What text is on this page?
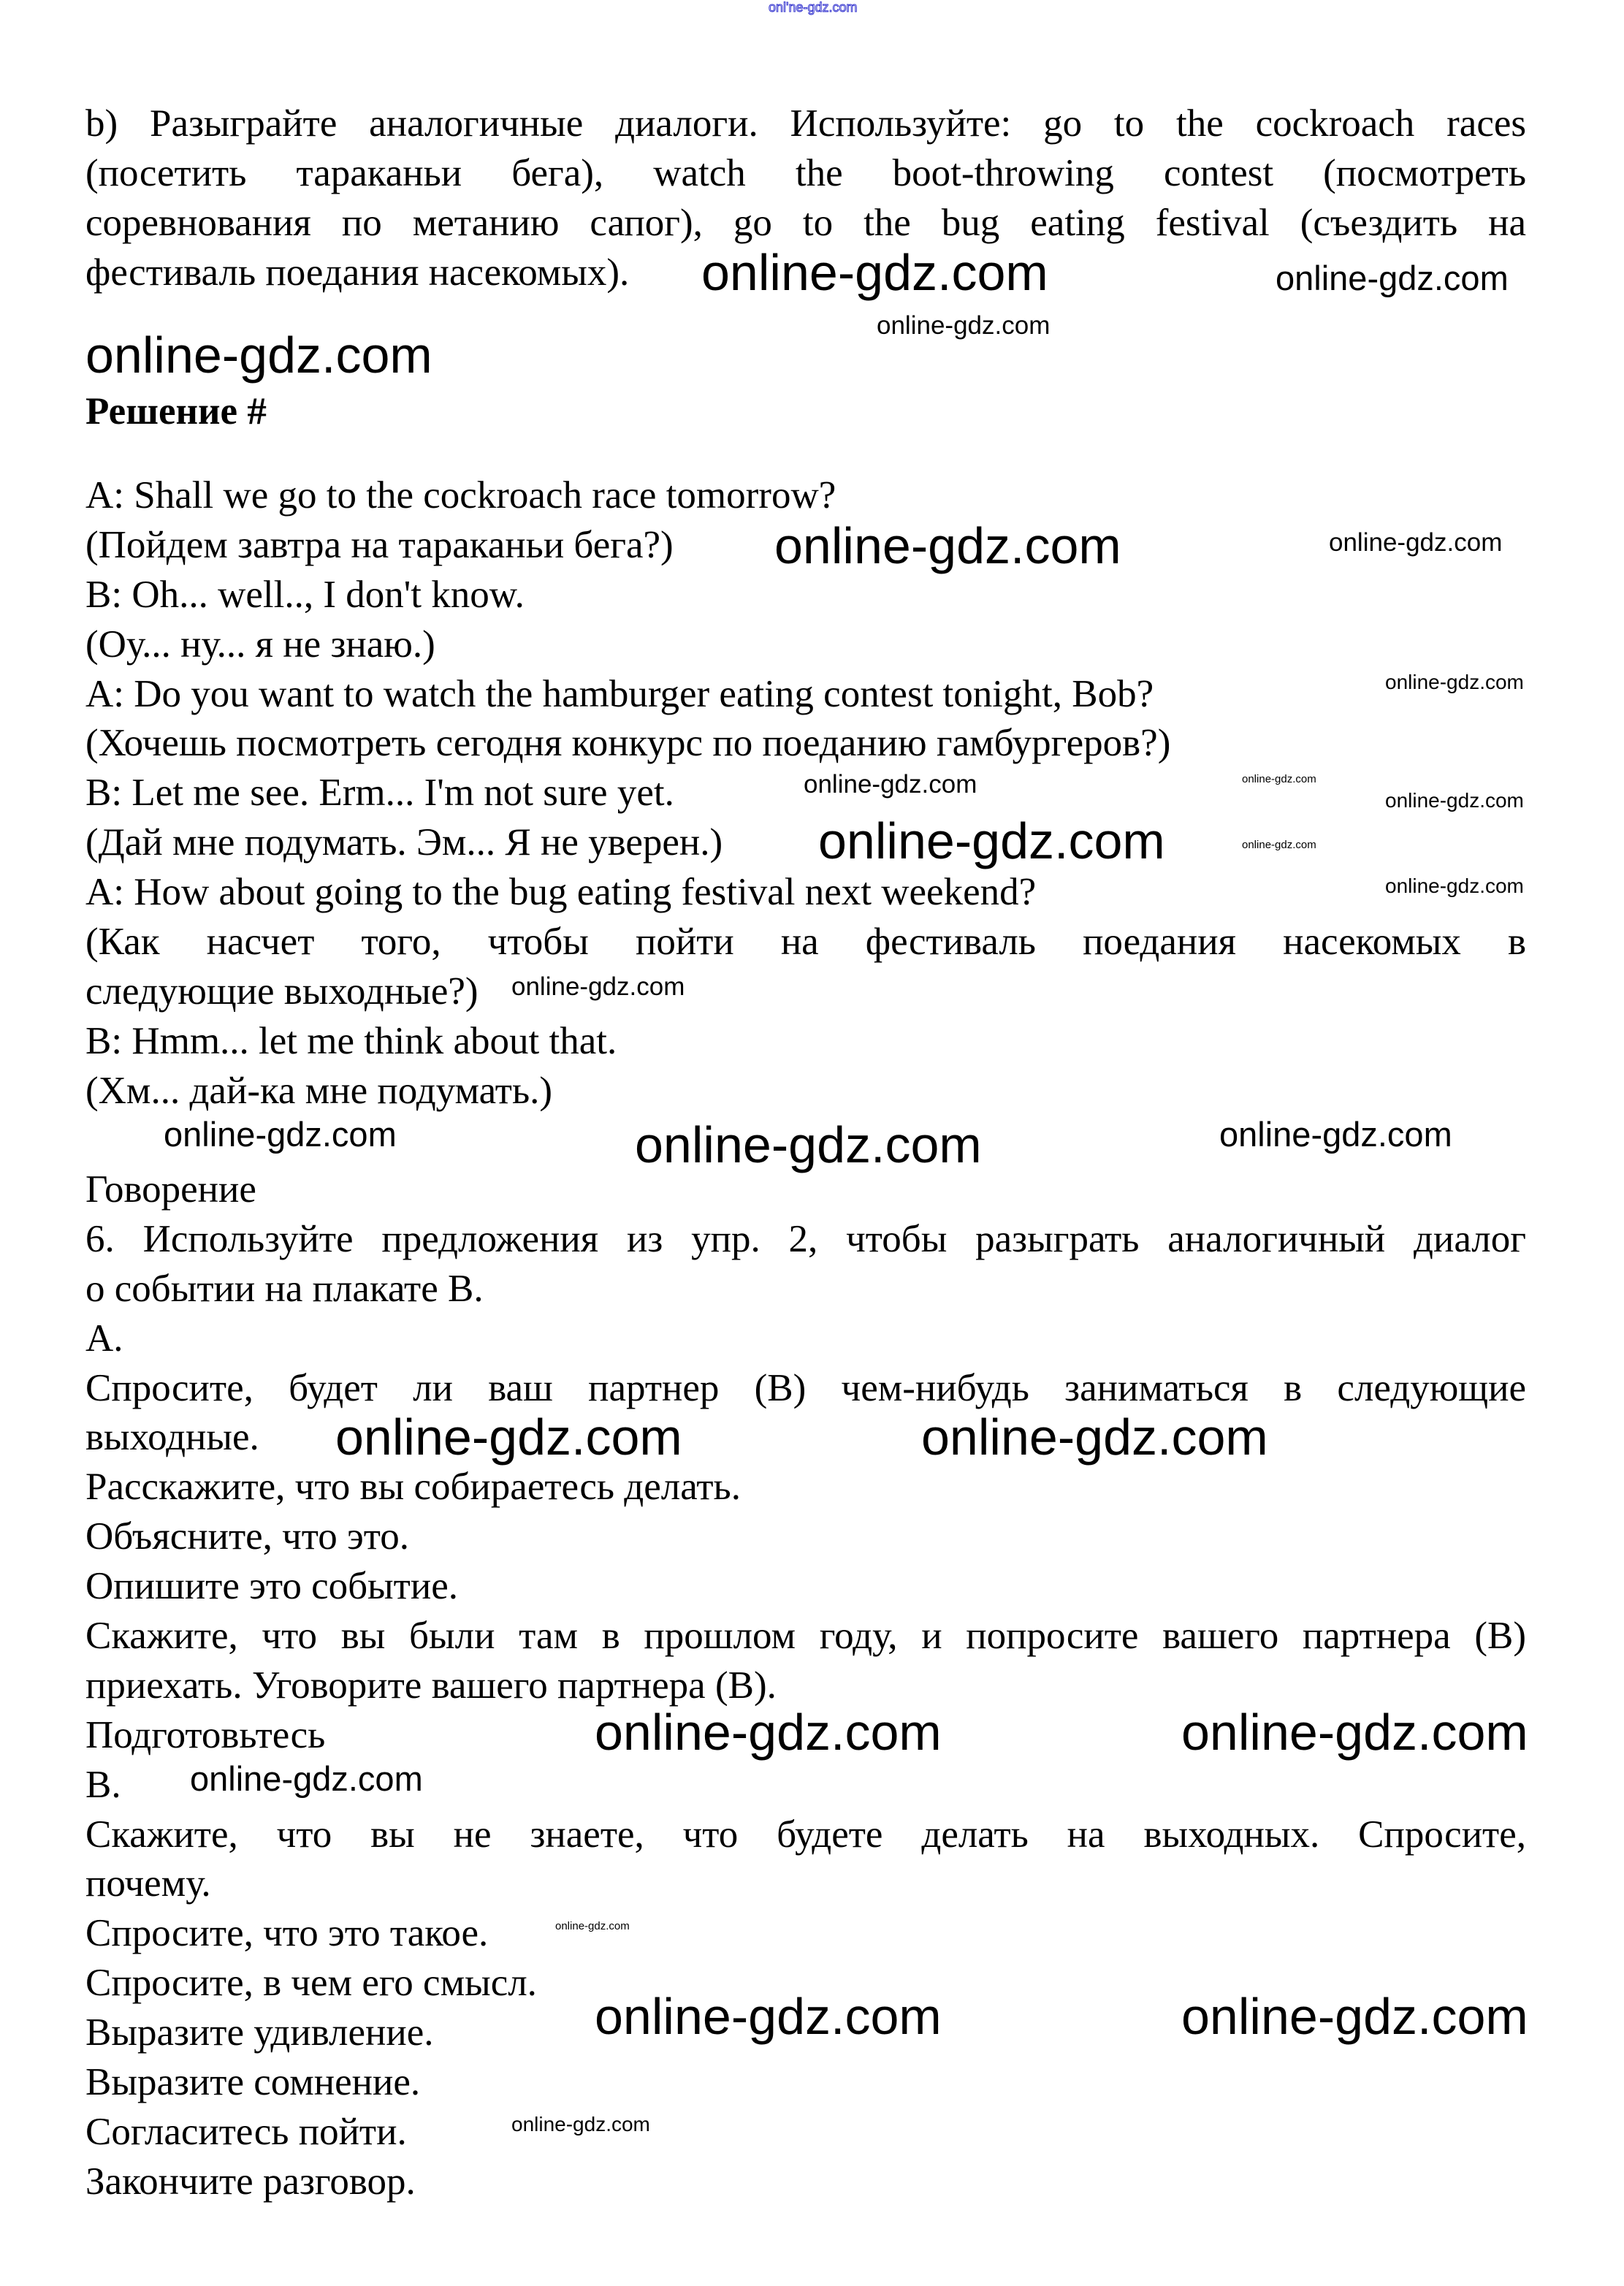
onl'ne-gdz.com
b) Разыграйте аналогичные диалоги. Используйте: go to the cockroach races
(посетить тараканьи бега), watch the boot-throwing contest (посмотреть
соревнования по метанию сапог), go to the bug eating festival (съездить на
фестиваль поедания насекомых).
Решение #
A: Shall we go to the cockroach race tomorrow?
(Пойдем завтра на тараканьи бега?)
B: Oh... well.., I don't know.
(Оу... ну... я не знаю.)
A: Do you want to watch the hamburger eating contest tonight, Bob?
(Хочешь посмотреть сегодня конкурс по поеданию гамбургеров?)
B: Let me see. Erm... I'm not sure yet.
(Дай мне подумать. Эм... Я не уверен.)
A: How about going to the bug eating festival next weekend?
(Как насчет того, чтобы пойти на фестиваль поедания насекомых в
следующие выходные?)
B: Hmm... let me think about that.
(Хм... дай-ка мне подумать.)
Говорение
6. Используйте предложения из упр. 2, чтобы разыграть аналогичный диалог
о событии на плакате B.
A.
Спросите, будет ли ваш партнер (B) чем-нибудь заниматься в следующие
выходные.
Расскажите, что вы собираетесь делать.
Объясните, что это.
Опишите это событие.
Скажите, что вы были там в прошлом году, и попросите вашего партнера (B)
приехать. Уговорите вашего партнера (B).
Подготовьтесь
B.
Скажите, что вы не знаете, что будете делать на выходных. Спросите,
почему.
Спросите, что это такое.
Спросите, в чем его смысл.
Выразите удивление.
Выразите сомнение.
Согласитесь пойти.
Закончите разговор.
online-gdz.com
online-gdz.com	online-gdz.com
online-gdz.com
online-gdz.com	online-gdz.com
online-gdz.com
online-gdz.com
online-gdz.com
online-gdz.com
online-gdz.com
online-gdz.com
online-gdz.com
online-gdz.com
online-gdz.com
online-gdz.com	online-gdz.com
online-gdz.com	online-gdz.com
online-gdz.com	online-gdz.com
online-gdz.com
online-gdz.com
online-gdz.com	online-gdz.com
online-gdz.com
